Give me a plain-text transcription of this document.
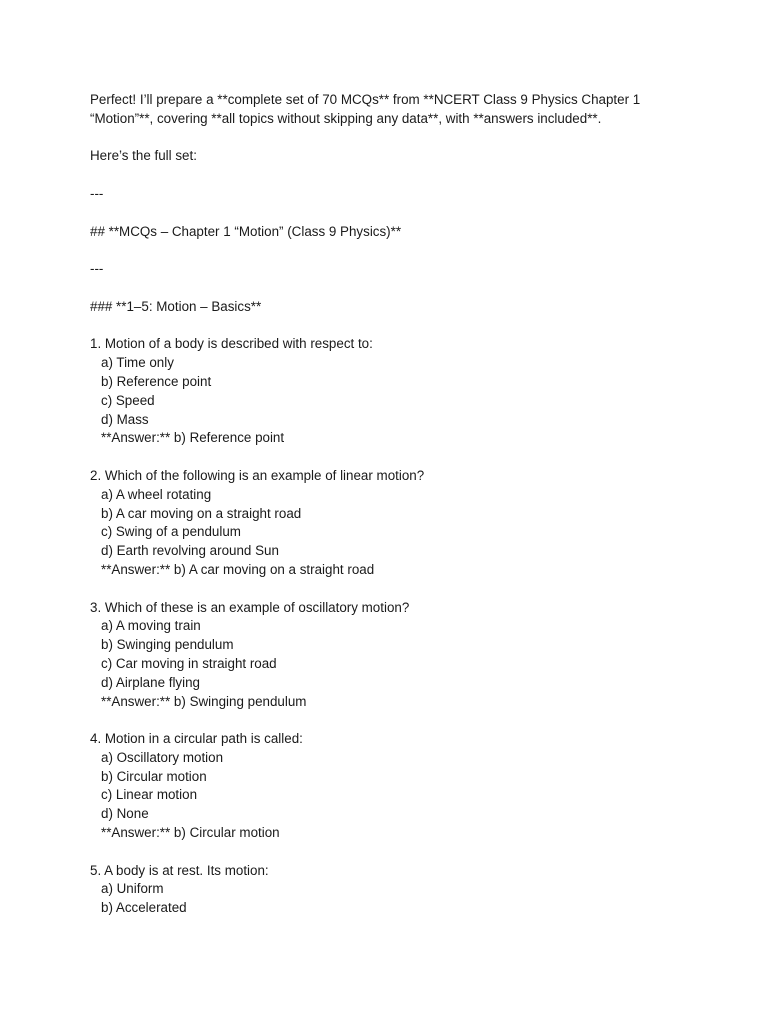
Perfect! I’ll prepare a **complete set of 70 MCQs** from **NCERT Class 9 Physics Chapter 1
“Motion”**, covering **all topics without skipping any data**, with **answers included**.
Here’s the full set:
---
## **MCQs – Chapter 1 “Motion” (Class 9 Physics)**
---
### **1–5: Motion – Basics**
1. Motion of a body is described with respect to:
a) Time only
b) Reference point
c) Speed
d) Mass
**Answer:** b) Reference point
2. Which of the following is an example of linear motion?
a) A wheel rotating
b) A car moving on a straight road
c) Swing of a pendulum
d) Earth revolving around Sun
**Answer:** b) A car moving on a straight road
3. Which of these is an example of oscillatory motion?
a) A moving train
b) Swinging pendulum
c) Car moving in straight road
d) Airplane flying
**Answer:** b) Swinging pendulum
4. Motion in a circular path is called:
a) Oscillatory motion
b) Circular motion
c) Linear motion
d) None
**Answer:** b) Circular motion
5. A body is at rest. Its motion:
a) Uniform
b) Accelerated
